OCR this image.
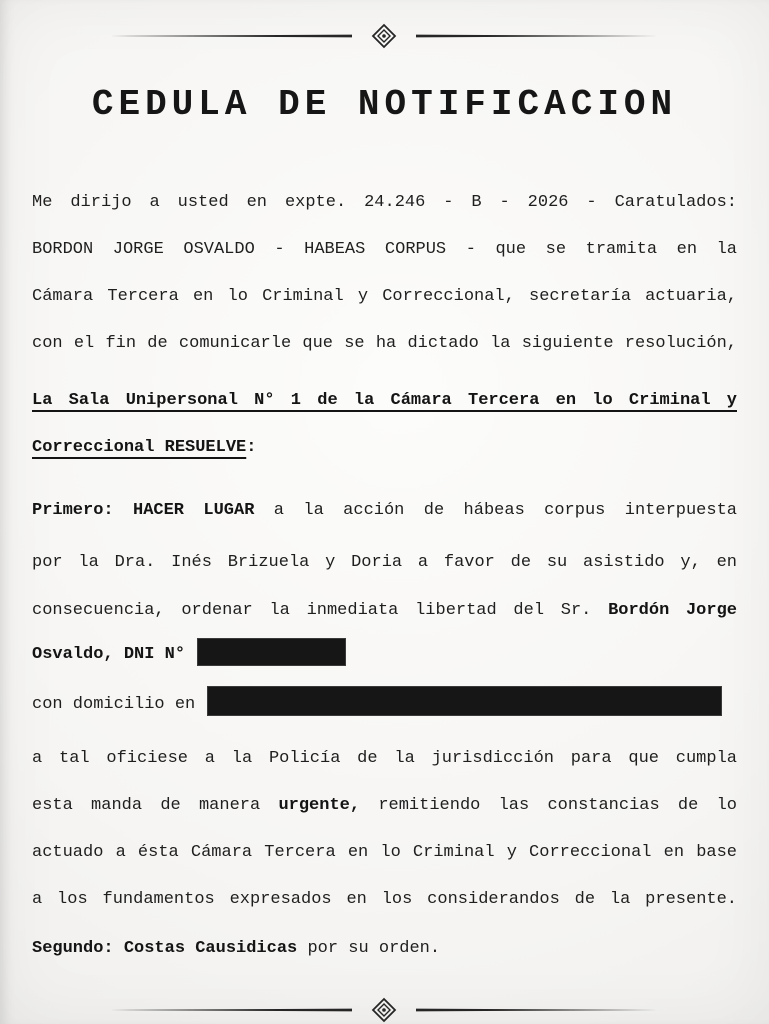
CEDULA DE NOTIFICACION
Me dirijo a usted en expte. 24.246 - B - 2026 - Caratulados:
BORDON JORGE OSVALDO - HABEAS CORPUS - que se tramita en la
Cámara Tercera en lo Criminal y Correccional, secretaría actuaria,
con el fin de comunicarle que se ha dictado la siguiente resolución,
La Sala Unipersonal N° 1 de la Cámara Tercera en lo Criminal y
Correccional RESUELVE:
Primero: HACER LUGAR a la acción de hábeas corpus interpuesta
por la Dra. Inés Brizuela y Doria a favor de su asistido y, en
consecuencia, ordenar la inmediata libertad del Sr. Bordón Jorge
Osvaldo, DNI N°
con domicilio en
a tal oficiese a la Policía de la jurisdicción para que cumpla
esta manda de manera urgente, remitiendo las constancias de lo
actuado a ésta Cámara Tercera en lo Criminal y Correccional en base
a los fundamentos expresados en los considerandos de la presente.
Segundo: Costas Causidicas por su orden.
